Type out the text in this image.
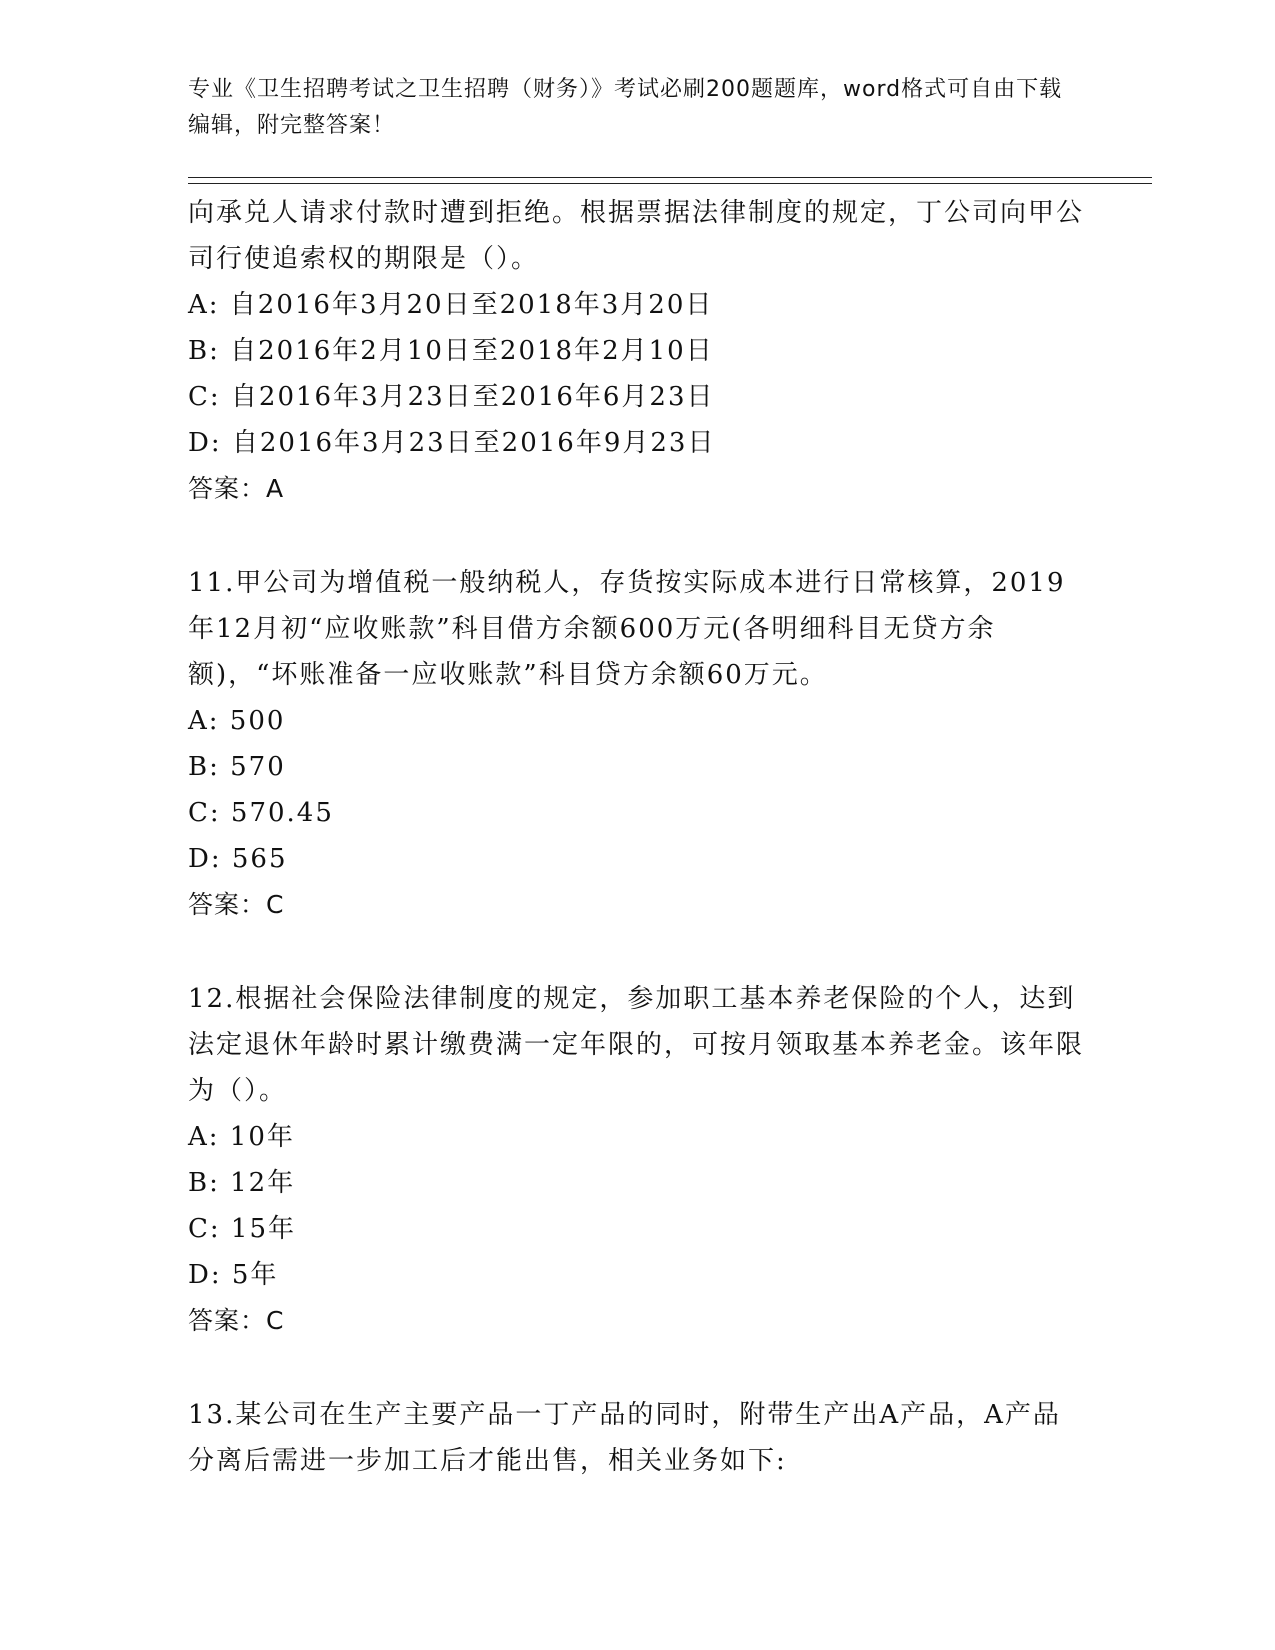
专业《卫生招聘考试之卫生招聘（财务）》考试必刷200题题库，word格式可自由下载编辑，附完整答案！

向承兑人请求付款时遭到拒绝。根据票据法律制度的规定，丁公司向甲公司行使追索权的期限是（）。

A: 自2016年3月20日至2018年3月20日

B: 自2016年2月10日至2018年2月10日

C: 自2016年3月23日至2016年6月23日

D: 自2016年3月23日至2016年9月23日

答案：A

11.甲公司为增值税一般纳税人，存货按实际成本进行日常核算，2019年12月初“应收账款”科目借方余额600万元(各明细科目无贷方余额)，“坏账准备一应收账款”科目贷方余额60万元。

A: 500

B: 570

C: 570.45

D: 565

答案：C

12.根据社会保险法律制度的规定，参加职工基本养老保险的个人，达到法定退休年龄时累计缴费满一定年限的，可按月领取基本养老金。该年限为（）。

A: 10年

B: 12年

C: 15年

D: 5年

答案：C

13.某公司在生产主要产品一丁产品的同时，附带生产出A产品，A产品分离后需进一步加工后才能出售，相关业务如下:
